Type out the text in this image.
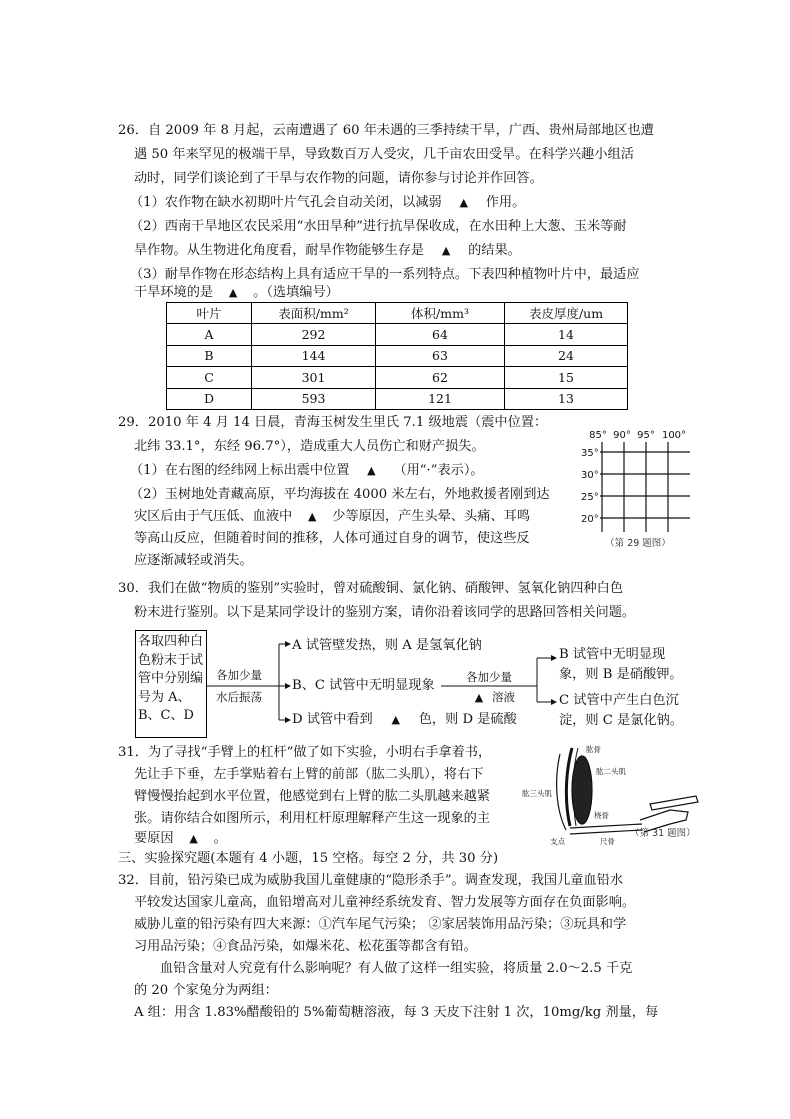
26．自 2009 年 8 月起，云南遭遇了 60 年未遇的三季持续干旱，广西、贵州局部地区也遭
遇 50 年来罕见的极端干旱，导致数百万人受灾，几千亩农田受旱。在科学兴趣小组活
动时，同学们谈论到了干旱与农作物的问题，请你参与讨论并作回答。
（1）农作物在缺水初期叶片气孔会自动关闭，以减弱 ▲ 作用。
（2）西南干旱地区农民采用“水田旱种”进行抗旱保收成，在水田种上大葱、玉米等耐
旱作物。从生物进化角度看，耐旱作物能够生存是 ▲ 的结果。
（3）耐旱作物在形态结构上具有适应干旱的一系列特点。下表四种植物叶片中，最适应
干旱环境的是 ▲ 。（选填编号）
叶片	表面积/mm²	体积/mm³	表皮厚度/um
A	292	64	14
B	144	63	24
C	301	62	15
D	593	121	13
29．2010 年 4 月 14 日晨，青海玉树发生里氏 7.1 级地震（震中位置：
北纬 33.1°，东经 96.7°），造成重大人员伤亡和财产损失。
（1）在右图的经纬网上标出震中位置 ▲ （用“·”表示）。
（2）玉树地处青藏高原，平均海拔在 4000 米左右，外地救援者刚到达
灾区后由于气压低、血液中 ▲ 少等原因，产生头晕、头痛、耳鸣
等高山反应，但随着时间的推移，人体可通过自身的调节，使这些反
应逐渐减轻或消失。
85° 90° 95° 100°
35°
30°
25°
20°
（第 29 题图）
30．我们在做“物质的鉴别”实验时，曾对硫酸铜、氯化钠、硝酸钾、氢氧化钠四种白色
粉末进行鉴别。以下是某同学设计的鉴别方案，请你沿着该同学的思路回答相关问题。
各取四种白色粉末于试管中分别编号为 A、B、C、D
各加少量
水后振荡
A 试管壁发热，则 A 是氢氧化钠
B、C 试管中无明显现象
各加少量
▲ 溶液
D 试管中看到 ▲ 色，则 D 是硫酸
B 试管中无明显现
象，则 B 是硝酸钾。
C 试管中产生白色沉
淀，则 C 是氯化钠。
31．为了寻找“手臂上的杠杆”做了如下实验，小明右手拿着书，
先让手下垂，左手掌贴着右上臂的前部（肱二头肌），将右下
臂慢慢抬起到水平位置，他感觉到右上臂的肱二头肌越来越紧
张。请你结合如图所示，利用杠杆原理解释产生这一现象的主
要原因 ▲ 。
肱骨
肱二头肌
肱三头肌
桡骨
尺骨
支点
（第 31 题图）
三、实验探究题(本题有 4 小题，15 空格。每空 2 分，共 30 分)
32．目前，铅污染已成为威胁我国儿童健康的“隐形杀手”。调查发现，我国儿童血铅水
平较发达国家儿童高，血铅增高对儿童神经系统发育、智力发展等方面存在负面影响。
威胁儿童的铅污染有四大来源：①汽车尾气污染； ②家居装饰用品污染；③玩具和学
习用品污染；④食品污染，如爆米花、松花蛋等都含有铅。
血铅含量对人究竟有什么影响呢？有人做了这样一组实验，将质量 2.0～2.5 千克
的 20 个家兔分为两组：
A 组：用含 1.83%醋酸铅的 5%葡萄糖溶液，每 3 天皮下注射 1 次，10mg/kg 剂量，每
